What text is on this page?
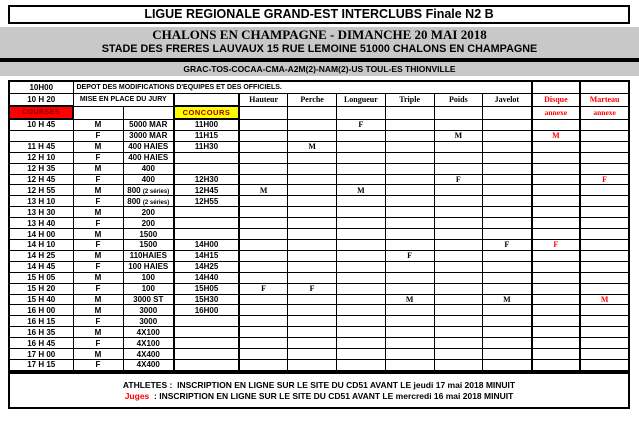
LIGUE REGIONALE GRAND-EST INTERCLUBS Finale N2 B
CHALONS EN CHAMPAGNE - DIMANCHE 20 MAI 2018
STADE DES FRERES LAUVAUX 15 RUE LEMOINE 51000 CHALONS EN CHAMPAGNE
GRAC-TOS-COCAA-CMA-A2M(2)-NAM(2)-US TOUL-ES THIONVILLE
10H00	DEPOT DES MODIFICATIONS D'EQUIPES ET DES OFFICIELS.										
10 H 20	MISE EN PLACE DU JURY			Hauteur	Perche	Longueur	Triple	Poids	Javelot	Disque	Marteau
COURSES			CONCOURS							annexe	annexe
10 H 45	M	5000 MAR	11H00			F					
	F	3000 MAR	11H15					M		M	
11 H 45	M	400 HAIES	11H30		M						
12 H 10	F	400 HAIES									
12 H 35	M	400									
12 H 45	F	400	12H30					F			F
12 H 55	M	800 (2 séries)	12H45	M		M					
13 H 10	F	800 (2 séries)	12H55								
13 H 30	M	200									
13 H 40	F	200									
14 H 00	M	1500									
14 H 10	F	1500	14H00						F	F	
14 H 25	M	110HAIES	14H15				F				
14 H 45	F	100 HAIES	14H25								
15 H 05	M	100	14H40								
15 H 20	F	100	15H05	F	F						
15 H 40	M	3000 ST	15H30				M		M		M
16 H 00	M	3000	16H00								
16 H 15	F	3000									
16 H 35	M	4X100									
16 H 45	F	4X100									
17 H 00	M	4X400									
17 H 15	F	4X400									
ATHLETES : INSCRIPTION EN LIGNE SUR LE SITE DU CD51 AVANT LE jeudi 17 mai 2018 MINUIT
Juges : INSCRIPTION EN LIGNE SUR LE SITE DU CD51 AVANT LE mercredi 16 mai 2018 MINUIT
